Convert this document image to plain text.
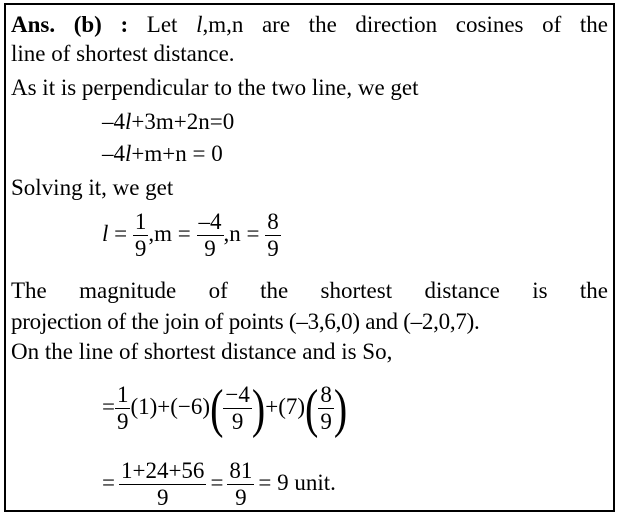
Ans. (b) : Let l,m,n are the direction cosines of the
line of shortest distance.
As it is perpendicular to the two line, we get
–4l+3m+2n=0
–4l+m+n = 0
Solving it, we get
$l = \frac{1}{9} ,m = \frac{-4}{9} ,n = \frac{8}{9}$
The magnitude of the shortest distance is the
projection of the join of points (–3,6,0) and (–2,0,7).
On the line of shortest distance and is So,
= $\frac{1}{9} (1)+(-6)( \frac{-4}{9} )+(7)( \frac{8}{9}$ )
= $\frac{1+24+56}{9} = \frac{81}{9} = 9$ unit.
